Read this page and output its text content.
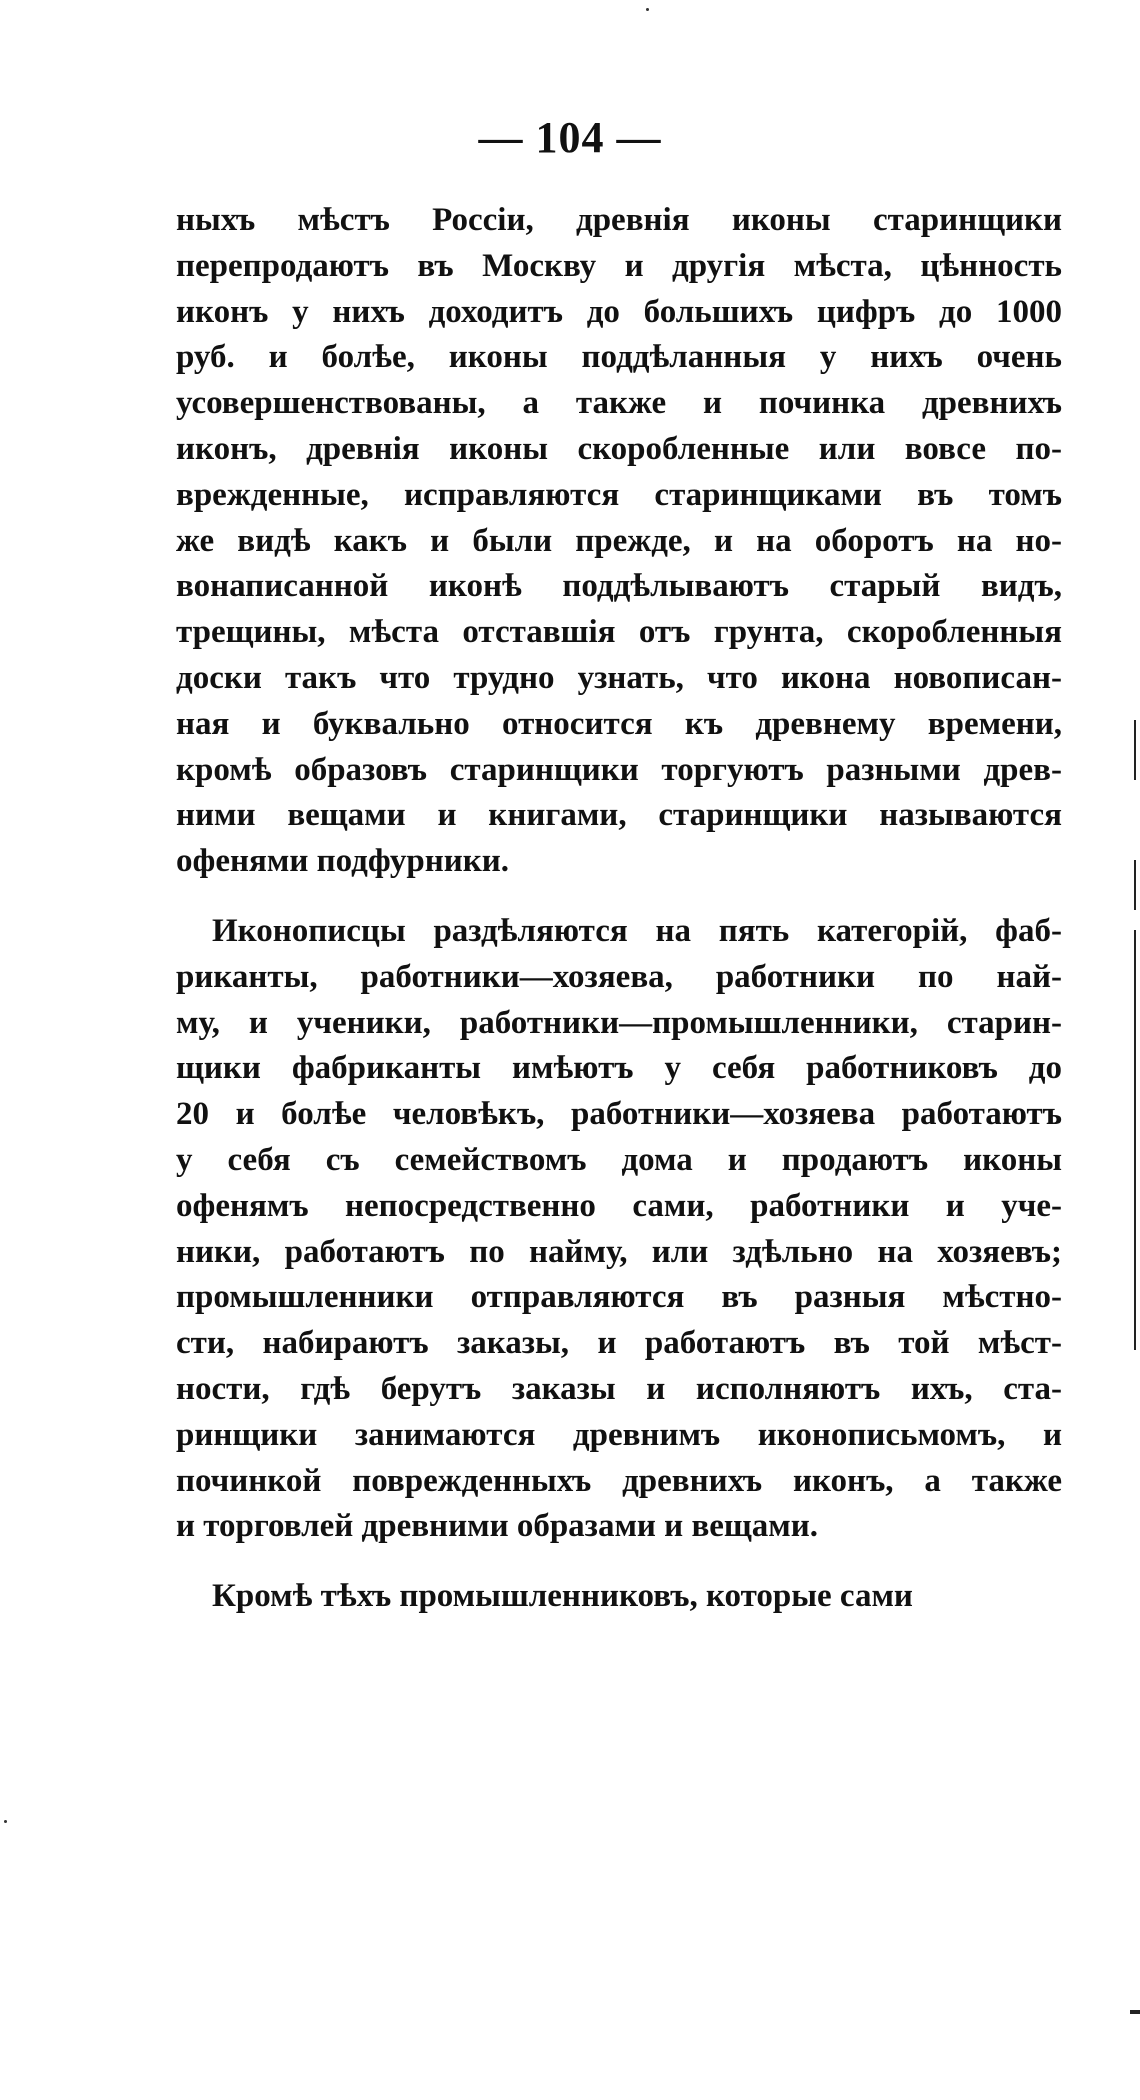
— 104 —
ныхъ мѣстъ Россіи, древнія иконы старинщики
перепродаютъ въ Москву и другія мѣста, цѣнность
иконъ у нихъ доходитъ до большихъ цифръ до 1000
руб. и болѣе, иконы поддѣланныя у нихъ очень
усовершенствованы, а также и починка древнихъ
иконъ, древнія иконы скоробленные или вовсе по-
врежденные, исправляются старинщиками въ томъ
же видѣ какъ и были прежде, и на оборотъ на но-
вонаписанной иконѣ поддѣлываютъ старый видъ,
трещины, мѣста отставшія отъ грунта, скоробленныя
доски такъ что трудно узнать, что икона новописан-
ная и буквально относится къ древнему времени,
кромѣ образовъ старинщики торгуютъ разными древ-
ними вещами и книгами, старинщики называются
офенями подфурники.
Иконописцы раздѣляются на пять категорій, фаб-
риканты, работники—хозяева, работники по най-
му, и ученики, работники—промышленники, старин-
щики фабриканты имѣютъ у себя работниковъ до
20 и болѣе человѣкъ, работники—хозяева работаютъ
у себя съ семействомъ дома и продаютъ иконы
офенямъ непосредственно сами, работники и уче-
ники, работаютъ по найму, или здѣльно на хозяевъ;
промышленники отправляются въ разныя мѣстно-
сти, набираютъ заказы, и работаютъ въ той мѣст-
ности, гдѣ берутъ заказы и исполняютъ ихъ, ста-
ринщики занимаются древнимъ иконописьмомъ, и
починкой поврежденныхъ древнихъ иконъ, а также
и торговлей древними образами и вещами.
Кромѣ тѣхъ промышленниковъ, которые сами
